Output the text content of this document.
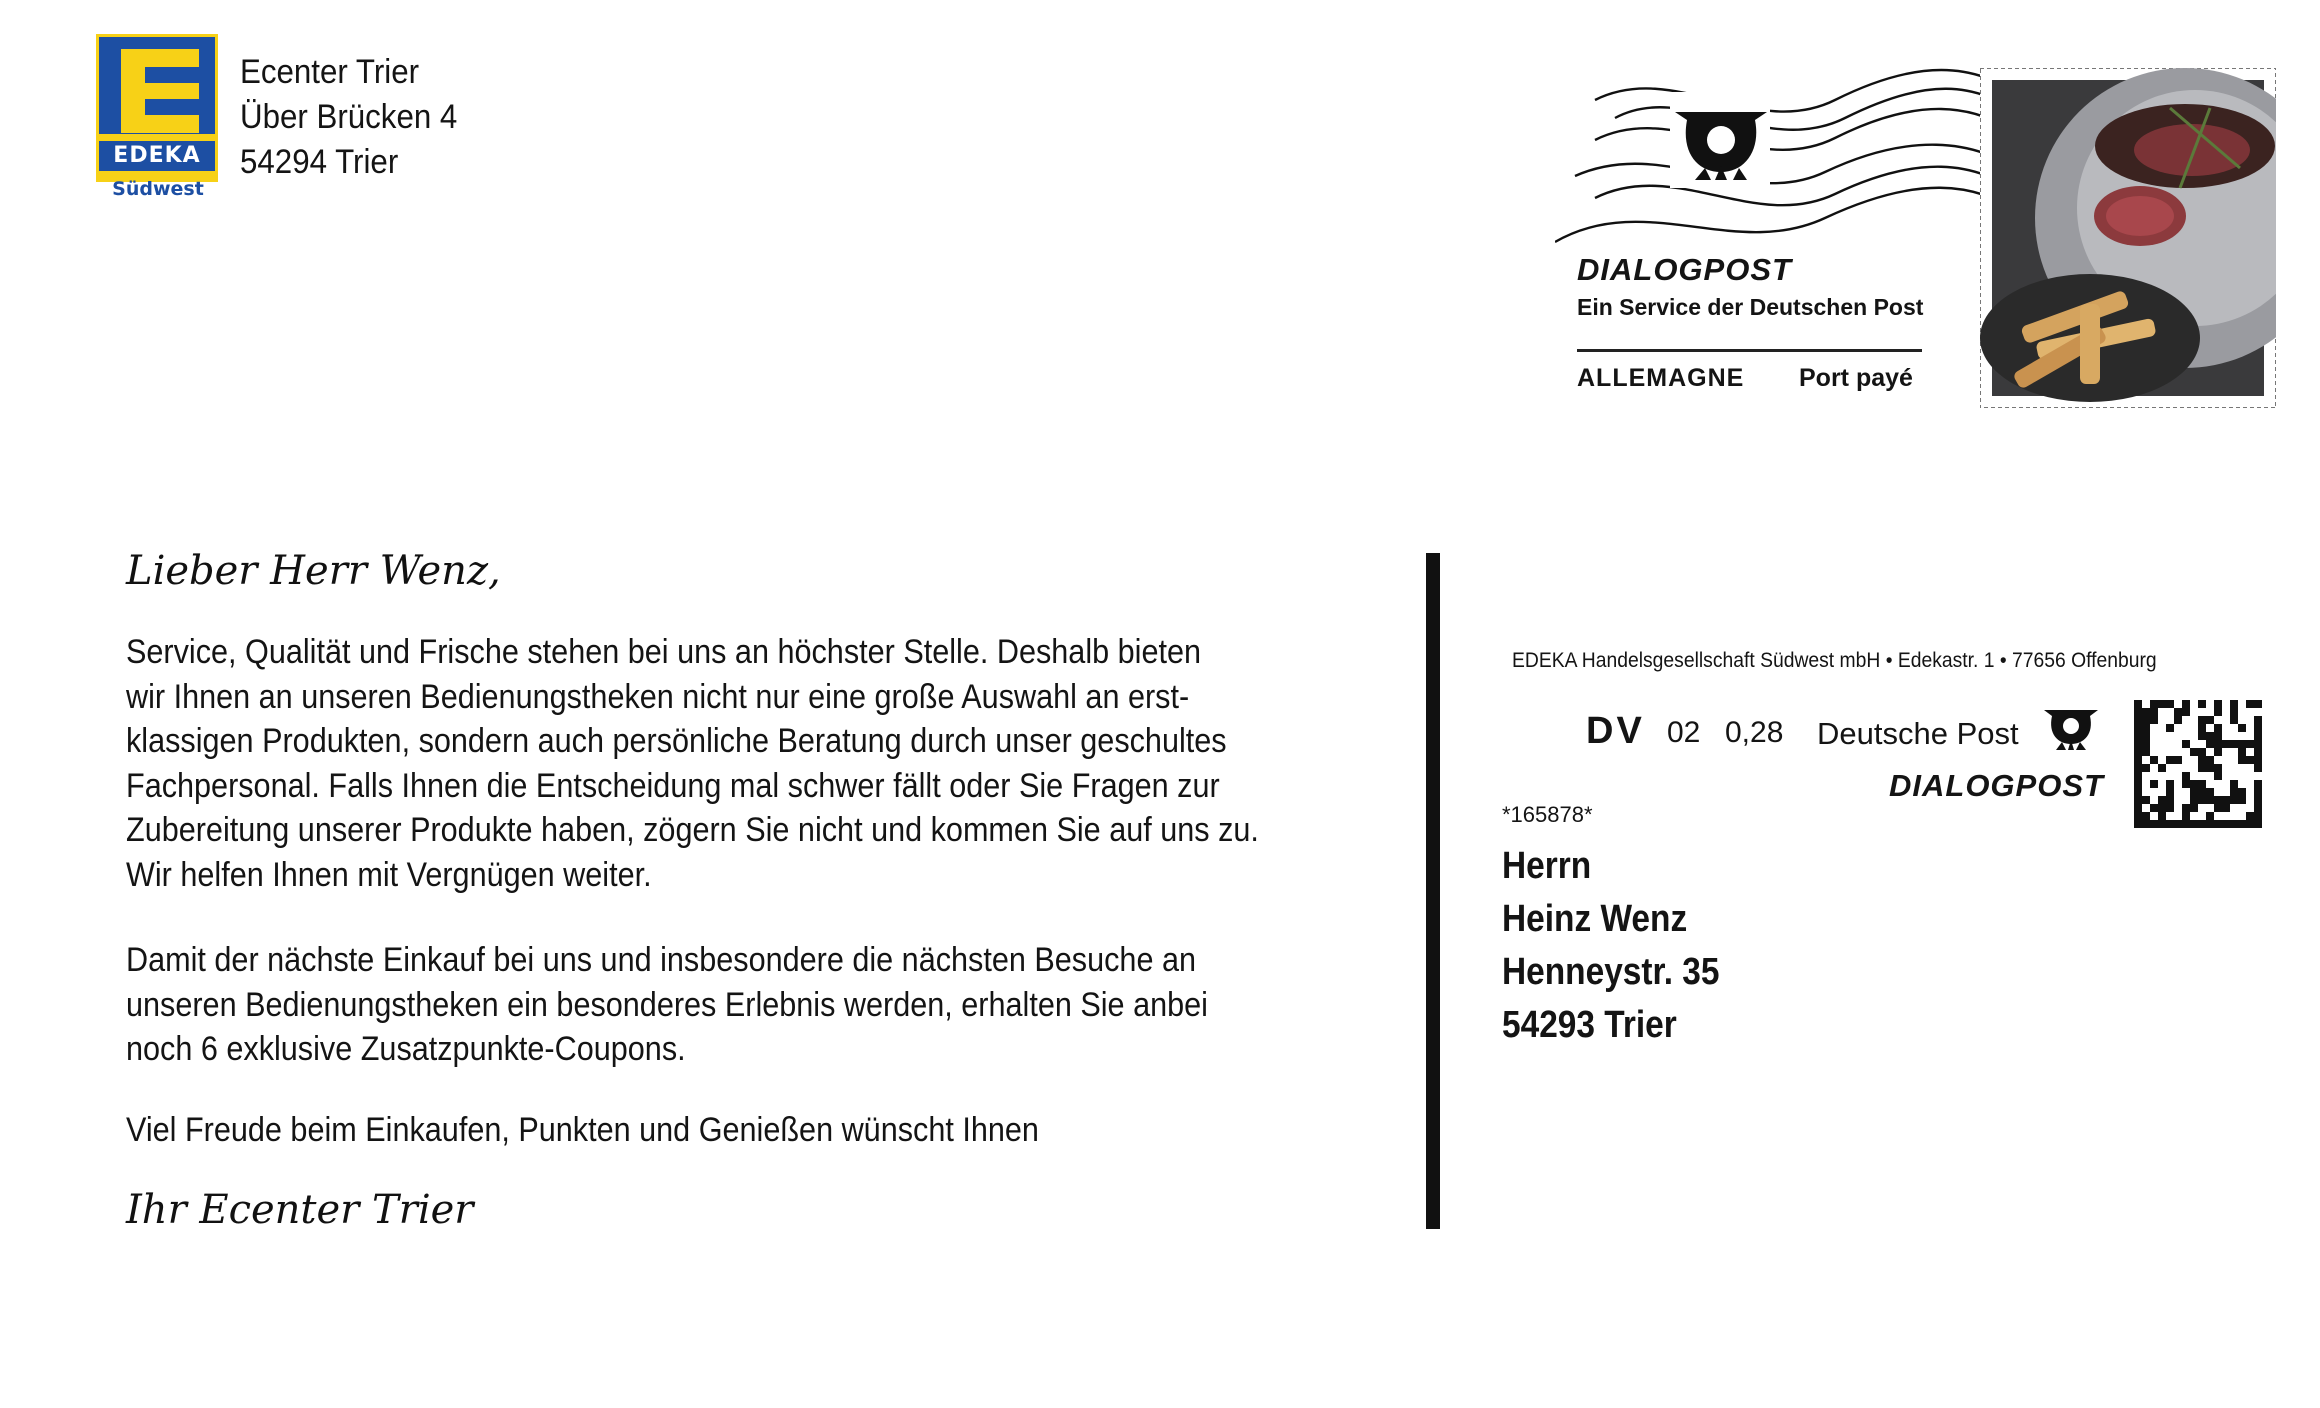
EDEKA
Südwest
Ecenter Trier
Über Brücken 4
54294 Trier
DIALOGPOST
Ein Service der Deutschen Post
ALLEMAGNE Port payé
Lieber Herr Wenz,
Service, Qualität und Frische stehen bei uns an höchster Stelle. Deshalb bieten
wir Ihnen an unseren Bedienungstheken nicht nur eine große Auswahl an erst-
klassigen Produkten, sondern auch persönliche Beratung durch unser geschultes
Fachpersonal. Falls Ihnen die Entscheidung mal schwer fällt oder Sie Fragen zur
Zubereitung unserer Produkte haben, zögern Sie nicht und kommen Sie auf uns zu.
Wir helfen Ihnen mit Vergnügen weiter.
Damit der nächste Einkauf bei uns und insbesondere die nächsten Besuche an
unseren Bedienungstheken ein besonderes Erlebnis werden, erhalten Sie anbei
noch 6 exklusive Zusatzpunkte-Coupons.
Viel Freude beim Einkaufen, Punkten und Genießen wünscht Ihnen
Ihr Ecenter Trier
EDEKA Handelsgesellschaft Südwest mbH • Edekastr. 1 • 77656 Offenburg
DV 02 0,28 Deutsche Post
DIALOGPOST
*165878*
Herrn
Heinz Wenz
Henneystr. 35
54293 Trier
